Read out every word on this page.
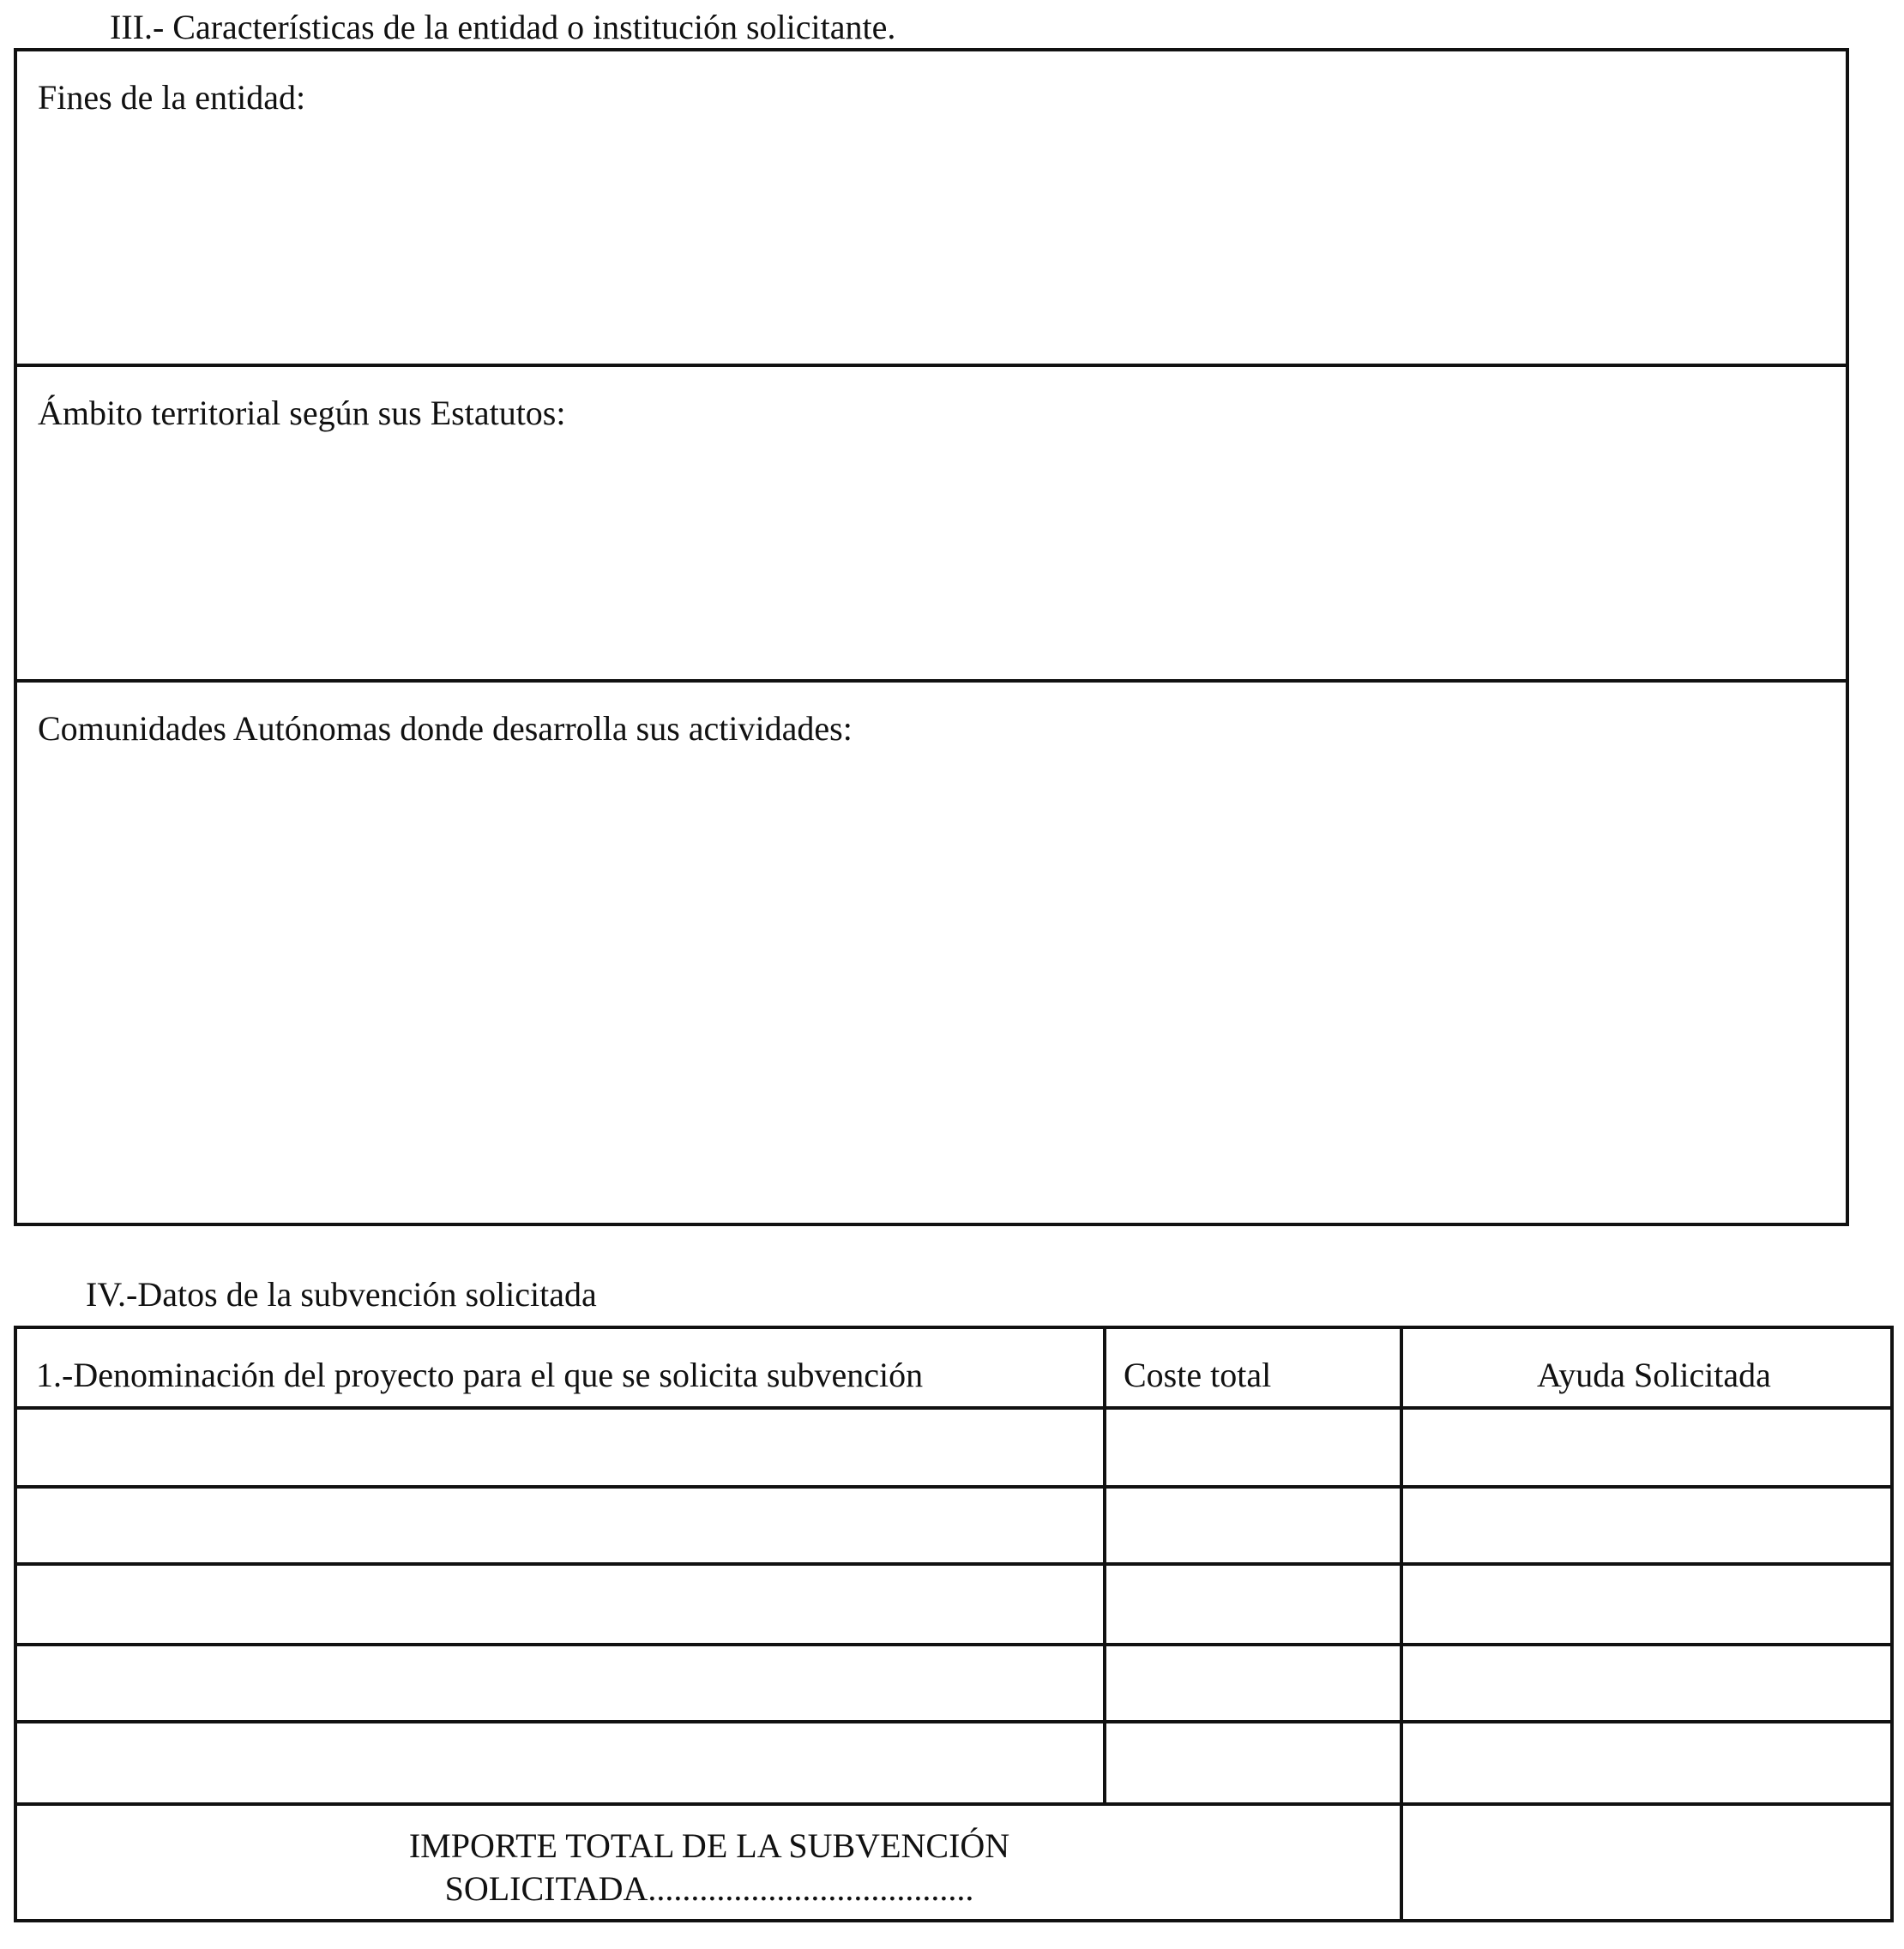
III.- Características de la entidad o institución solicitante.
Fines de la entidad:
Ámbito territorial según sus Estatutos:
Comunidades Autónomas donde desarrolla sus actividades:
IV.-Datos de la subvención solicitada
1.-Denominación del proyecto para el que se solicita subvención	Coste total	Ayuda Solicitada
IMPORTE TOTAL DE LA SUBVENCIÓN
SOLICITADA......................................
